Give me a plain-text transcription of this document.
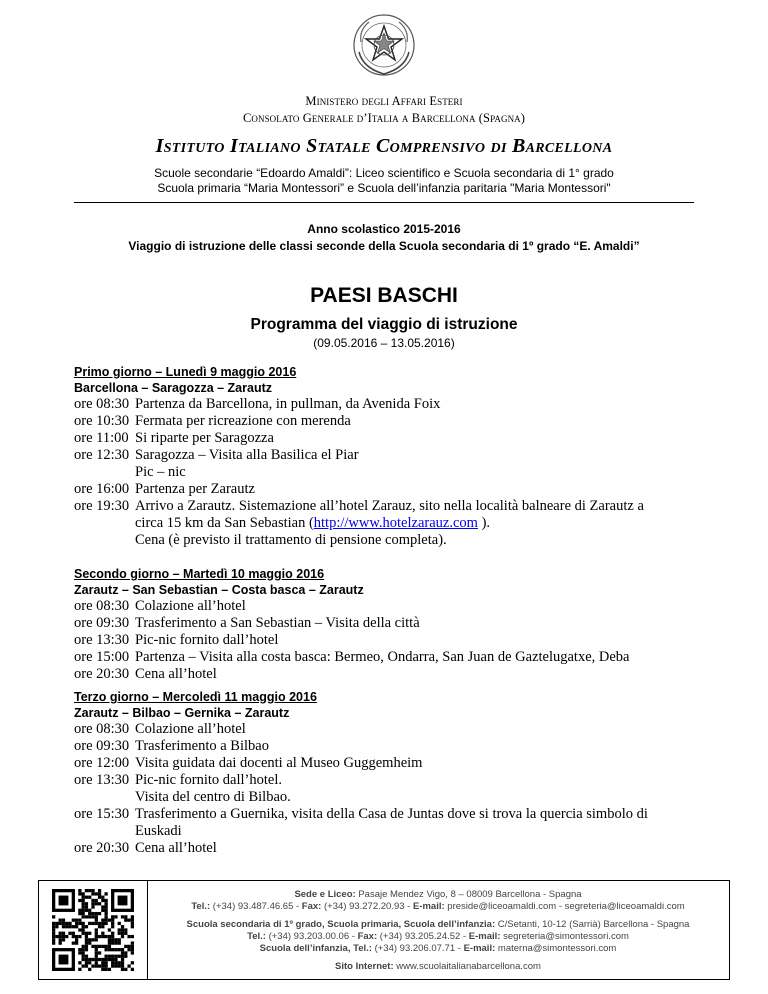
Ministero degli Affari Esteri
Consolato Generale d’Italia a Barcellona (Spagna)
Istituto Italiano Statale Comprensivo di Barcellona
Scuole secondarie “Edoardo Amaldi”: Liceo scientifico e Scuola secondaria di 1° grado
Scuola primaria “Maria Montessori” e Scuola dell’infanzia paritaria "Maria Montessori"
Anno scolastico 2015-2016
Viaggio di istruzione delle classi seconde della Scuola secondaria di 1º grado “E. Amaldi”
PAESI BASCHI
Programma del viaggio di istruzione
(09.05.2016 – 13.05.2016)
Primo giorno – Lunedì 9 maggio 2016
Barcellona – Saragozza – Zarautz
ore 08:30 Partenza da Barcellona, in pullman, da Avenida Foix
ore 10:30 Fermata per ricreazione con merenda
ore 11:00 Si riparte per Saragozza
ore 12:30 Saragozza – Visita alla Basilica el Piar
Pic – nic
ore 16:00 Partenza per Zarautz
ore 19:30 Arrivo a Zarautz. Sistemazione all’hotel Zarauz, sito nella località balneare di Zarautz a
circa 15 km da San Sebastian (http://www.hotelzarauz.com ).
Cena (è previsto il trattamento di pensione completa).
Secondo giorno – Martedì 10 maggio 2016
Zarautz – San Sebastian – Costa basca – Zarautz
ore 08:30 Colazione all’hotel
ore 09:30 Trasferimento a San Sebastian – Visita della città
ore 13:30 Pic-nic fornito dall’hotel
ore 15:00 Partenza – Visita alla costa basca: Bermeo, Ondarra, San Juan de Gaztelugatxe, Deba
ore 20:30 Cena all’hotel
Terzo giorno – Mercoledì 11 maggio 2016
Zarautz – Bilbao – Gernika – Zarautz
ore 08:30 Colazione all’hotel
ore 09:30 Trasferimento a Bilbao
ore 12:00 Visita guidata dai docenti al Museo Guggemheim
ore 13:30 Pic-nic fornito dall’hotel.
Visita del centro di Bilbao.
ore 15:30 Trasferimento a Guernika, visita della Casa de Juntas dove si trova la quercia simbolo di
Euskadi
ore 20:30 Cena all’hotel
Sede e Liceo: Pasaje Mendez Vigo, 8 – 08009 Barcellona - Spagna
Tel.: (+34) 93.487.46.65 - Fax: (+34) 93.272.20.93 - E-mail: preside@liceoamaldi.com - segreteria@liceoamaldi.com
Scuola secondaria di 1º grado, Scuola primaria, Scuola dell’infanzia: C/Setanti, 10-12 (Sarrià) Barcellona - Spagna
Tel.: (+34) 93.203.00.06 - Fax: (+34) 93.205.24.52 - E-mail: segreteria@simontessori.com
Scuola dell’infanzia, Tel.: (+34) 93.206.07.71 - E-mail: materna@simontessori.com
Sito Internet: www.scuolaitalianabarcellona.com
